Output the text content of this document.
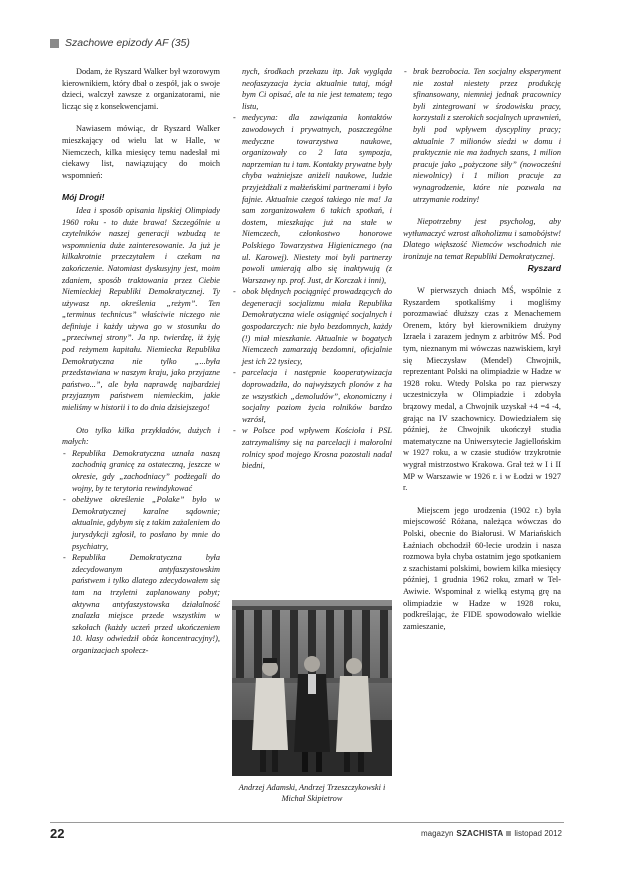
Szachowe epizody AF (35)

Dodam, że Ryszard Walker był wzorowym kierownikiem, który dbał o zespół, jak o swoje dzieci, walczył zawsze z organizatorami, nie licząc się z konsekwencjami.

Nawiasem mówiąc, dr Ryszard Walker mieszkający od wielu lat w Halle, w Niemczech, kilka miesięcy temu nadesłał mi ciekawy list, nawiązujący do moich wspomnień:

Mój Drogi!

Idea i sposób opisania lipskiej Olimpiady 1960 roku - to duże brawa! Szczególnie u czytelników naszej generacji wzbudzą te wspomnienia duże zainteresowanie. Ja już je kilkakrotnie przeczytałem i czekam na zakończenie. Natomiast dyskusyjny jest, moim zdaniem, sposób traktowania przez Ciebie Niemieckiej Republiki Demokratycznej. Ty używasz np. określenia „reżym”. Ten „terminus technicus” właściwie niczego nie definiuje i każdy używa go w stosunku do „przeciwnej strony”. Ja np. twierdzę, iż żyję pod reżymem kapitału. Niemiecka Republika Demokratyczna nie tylko „...była przedstawiana w naszym kraju, jako przyjazne państwo...”, ale była naprawdę najbardziej przyjaznym państwem niemieckim, jakie mieliśmy w historii i to do dnia dzisiejszego!

Oto tylko kilka przykładów, dużych i małych:

- Republika Demokratyczna uznała naszą zachodnią granicę za ostateczną, jeszcze w okresie, gdy „zachodniacy” podżegali do wojny, by te terytoria rewindykować
- obelżywe określenie „Polake” było w Demokratycznej karalne sądownie; aktualnie, gdybym się z takim zażaleniem do jurysdykcji zgłosił, to posłano by mnie do psychiatry,
- Republika Demokratyczna była zdecydowanym antyfaszystowskim państwem i tylko dlatego zdecydowałem się tam na trzyletni zaplanowany pobyt; aktywna antyfaszystowska działalność znalazła miejsce przede wszystkim w szkołach (każdy uczeń przed ukończeniem 10. klasy odwiedził obóz koncentracyjny!), organizacjach społecz-
nych, środkach przekazu itp. Jak wygląda neofaszyzacja życia aktualnie tutaj, mógł bym Ci opisać, ale ta nie jest tematem; tego listu,
- medycyna: dla zawiązania kontaktów zawodowych i prywatnych, poszczególne medyczne towarzystwa naukowe, organizowały co 2 lata sympozja, naprzemian tu i tam. Kontakty prywatne były chyba ważniejsze aniżeli naukowe, ludzie przyjeżdżali z małżeńskimi partnerami i było fajnie. Aktualnie czegoś takiego nie ma! Ja sam zorganizowałem 6 takich spotkań, i dostem, mieszkając już na stałe w Niemczech, członkostwo honorowe Polskiego Towarzystwa Higienicznego (na ul. Karowej). Niestety moi byli partnerzy powoli umierają albo się inaktywują (z Warszawy np. prof. Just, dr Korczak i inni),
- obok błędnych pociągnięć prowadzących do degeneracji socjalizmu miała Republika Demokratyczna wiele osiągnięć socjalnych i gospodarczych: nie było bezdomnych, każdy (!) miał mieszkanie. Aktualnie w bogatych Niemczech zamarzają bezdomni, oficjalnie jest ich 22 tysiecy,
- parcelacja i następnie kooperatywizacja doprowadziła, do najwyższych plonów z ha ze wszystkich „demoludów”, ekonomiczny i socjalny poziom życia rolników bardzo wzrósł,
- w Polsce pod wpływem Kościoła i PSL zatrzymaliśmy się na parcelacji i małorolni rolnicy spod mojego Krosna pozostali nadal biedni,
Andrzej Adamski, Andrzej Trzeszczykowski i Michał Skipietrow
- brak bezrobocia. Ten socjalny eksperyment nie został niestety przez produkcję sfinansowany, niemniej jednak pracownicy byli zintegrowani w środowisku pracy, korzystali z szerokich socjalnych uprawnień, byli pod wpływem dyscypliny pracy; aktualnie 7 milionów siedzi w domu i praktycznie nie ma żadnych szans, 1 milion pracuje jako „pożyczone siły” (nowocześni niewolnicy) i 1 milion pracuje za wynagrodzenie, które nie pozwala na utrzymanie rodziny!

Niepotrzebny jest psycholog, aby wytłumaczyć wzrost alkoholizmu i samobójstw! Dlatego większość Niemców wschodnich nie ironizuje na temat Republiki Demokratycznej.

Ryszard

W pierwszych dniach MŚ, wspólnie z Ryszardem spotkaliśmy i mogliśmy porozmawiać dłuższy czas z Menachemem Orenem, który był kierownikiem drużyny Izraela i zarazem jednym z arbitrów MŚ. Pod tym, nieznanym mi wówczas nazwiskiem, krył się Mieczysław (Mendel) Chwojnik, reprezentant Polski na olimpiadzie w Hadze w 1928 roku. Wtedy Polska po raz pierwszy uczestniczyła w Olimpiadzie i zdobyła brązowy medal, a Chwojnik uzyskał +4 =4 -4, grając na IV szachownicy. Dowiedziałem się później, że Chwojnik ukończył studia matematyczne na Uniwersytecie Jagiellońskim w 1927 roku, a w czasie studiów trzykrotnie wygrał mistrzostwo Krakowa. Grał też w I i II MP w Warszawie w 1926 r. i w Łodzi w 1927 r.

Miejscem jego urodzenia (1902 r.) była miejscowość Różana, należąca wówczas do Polski, obecnie do Białorusi. W Mariańskich Łaźniach obchodził 60-lecie urodzin i nasza rozmowa była chyba ostatnim jego spotkaniem z szachistami polskimi, bowiem kilka miesięcy później, 1 grudnia 1962 roku, zmarł w Tel-Awiwie. Wspominał z wielką estymą grę na olimpiadzie w Hadze w 1928 roku, podkreślając, że FIDE spowodowało wielkie zamieszanie,

22	magazyn SZACHISTA listopad 2012
